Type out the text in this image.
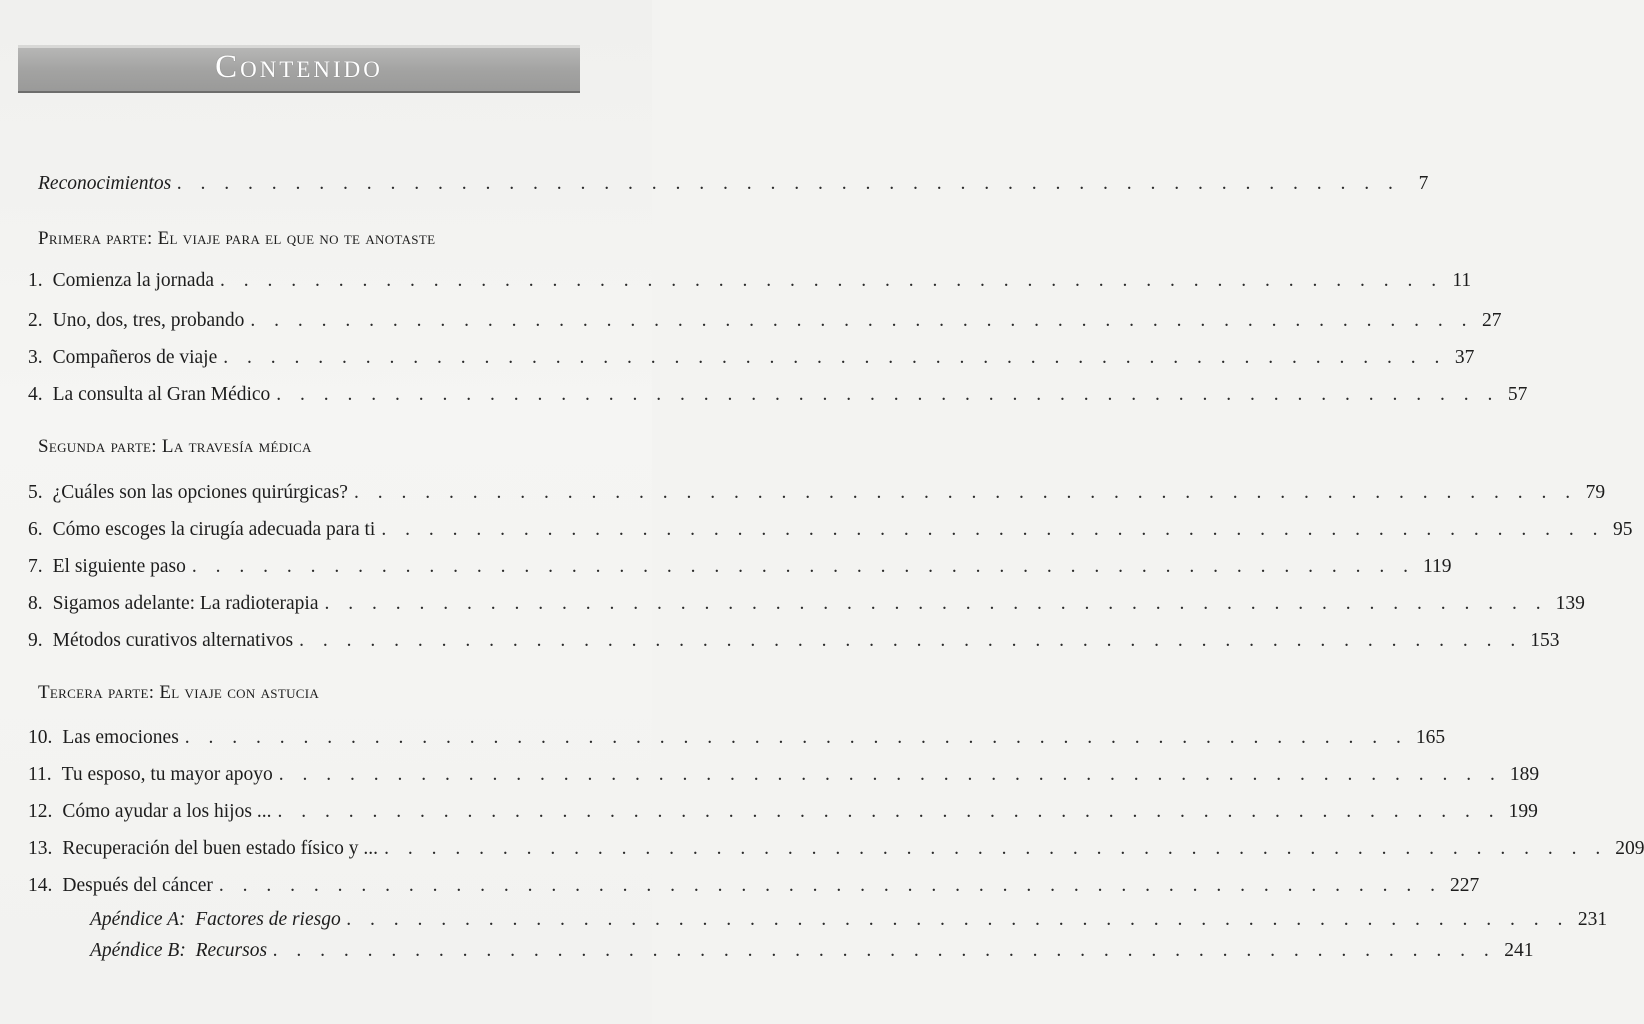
Contenido
Reconocimientos . . . . . . . . . . . . . . . . . . . . . . . . . . . . . . . . . . . . . . . . . . . . . . . . . . . . 7
Primera parte: El viaje para el que no te anotaste
1. Comienza la jornada . . . . . . . . . . . . . . . . . . . . . . . . . . . . . . . . . . . . . . . . . . . . . . . . . . . . 11
2. Uno, dos, tres, probando . . . . . . . . . . . . . . . . . . . . . . . . . . . . . . . . . . . . . . . . . . . . . . . . . . . . 27
3. Compañeros de viaje . . . . . . . . . . . . . . . . . . . . . . . . . . . . . . . . . . . . . . . . . . . . . . . . . . . . 37
4. La consulta al Gran Médico . . . . . . . . . . . . . . . . . . . . . . . . . . . . . . . . . . . . . . . . . . . . . . . . . . . . 57
Segunda parte: La travesía médica
5. ¿Cuáles son las opciones quirúrgicas? . . . . . . . . . . . . . . . . . . . . . . . . . . . . . . . . . . . . . . . . . . . . . . . . . . . . 79
6. Cómo escoges la cirugía adecuada para ti . . . . . . . . . . . . . . . . . . . . . . . . . . . . . . . . . . . . . . . . . . . . . . . . . . . . 95
7. El siguiente paso . . . . . . . . . . . . . . . . . . . . . . . . . . . . . . . . . . . . . . . . . . . . . . . . . . . . 119
8. Sigamos adelante: La radioterapia . . . . . . . . . . . . . . . . . . . . . . . . . . . . . . . . . . . . . . . . . . . . . . . . . . . . 139
9. Métodos curativos alternativos . . . . . . . . . . . . . . . . . . . . . . . . . . . . . . . . . . . . . . . . . . . . . . . . . . . . 153
Tercera parte: El viaje con astucia
10. Las emociones . . . . . . . . . . . . . . . . . . . . . . . . . . . . . . . . . . . . . . . . . . . . . . . . . . . . 165
11. Tu esposo, tu mayor apoyo . . . . . . . . . . . . . . . . . . . . . . . . . . . . . . . . . . . . . . . . . . . . . . . . . . . . 189
12. Cómo ayudar a los hijos ... . . . . . . . . . . . . . . . . . . . . . . . . . . . . . . . . . . . . . . . . . . . . . . . . . . . . 199
13. Recuperación del buen estado físico y ... . . . . . . . . . . . . . . . . . . . . . . . . . . . . . . . . . . . . . . . . . . . . . . . . . . . . 209
14. Después del cáncer . . . . . . . . . . . . . . . . . . . . . . . . . . . . . . . . . . . . . . . . . . . . . . . . . . . . 227
Apéndice A:  Factores de riesgo . . . . . . . . . . . . . . . . . . . . . . . . . . . . . . . . . . . . . . . . . . . . . . . . . . . . 231
Apéndice B:  Recursos . . . . . . . . . . . . . . . . . . . . . . . . . . . . . . . . . . . . . . . . . . . . . . . . . . . . 241
